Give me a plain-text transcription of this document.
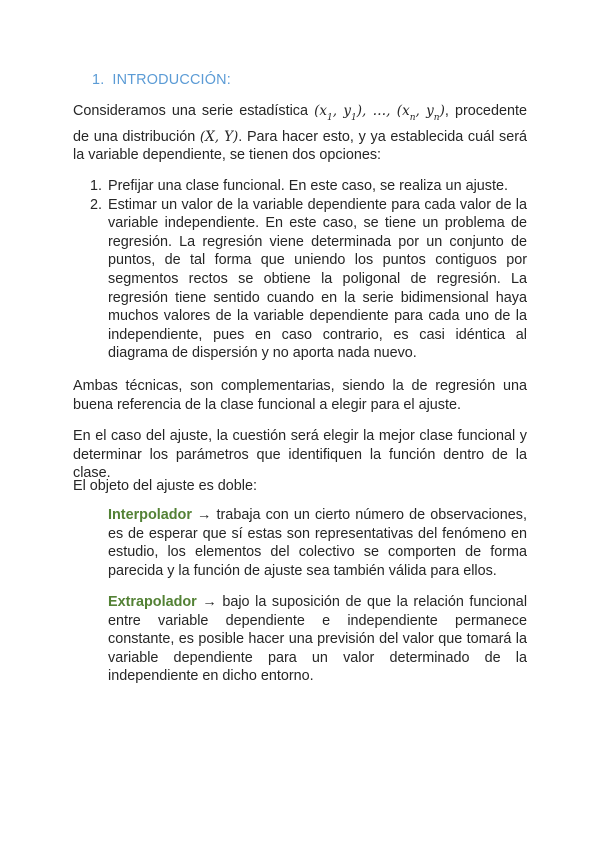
1. INTRODUCCIÓN:
Consideramos una serie estadística ($x_1$, $y_1$), …, ($x_n$, $y_n$), procedente de una distribución (X, Y). Para hacer esto, y ya establecida cuál será la variable dependiente, se tienen dos opciones:
1. Prefijar una clase funcional. En este caso, se realiza un ajuste.
2. Estimar un valor de la variable dependiente para cada valor de la variable independiente. En este caso, se tiene un problema de regresión. La regresión viene determinada por un conjunto de puntos, de tal forma que uniendo los puntos contiguos por segmentos rectos se obtiene la poligonal de regresión. La regresión tiene sentido cuando en la serie bidimensional haya muchos valores de la variable dependiente para cada uno de la independiente, pues en caso contrario, es casi idéntica al diagrama de dispersión y no aporta nada nuevo.
Ambas técnicas, son complementarias, siendo la de regresión una buena referencia de la clase funcional a elegir para el ajuste.
En el caso del ajuste, la cuestión será elegir la mejor clase funcional y determinar los parámetros que identifiquen la función dentro de la clase.
El objeto del ajuste es doble:
Interpolador → trabaja con un cierto número de observaciones, es de esperar que sí estas son representativas del fenómeno en estudio, los elementos del colectivo se comporten de forma parecida y la función de ajuste sea también válida para ellos.
Extrapolador → bajo la suposición de que la relación funcional entre variable dependiente e independiente permanece constante, es posible hacer una previsión del valor que tomará la variable dependiente para un valor determinado de la independiente en dicho entorno.
